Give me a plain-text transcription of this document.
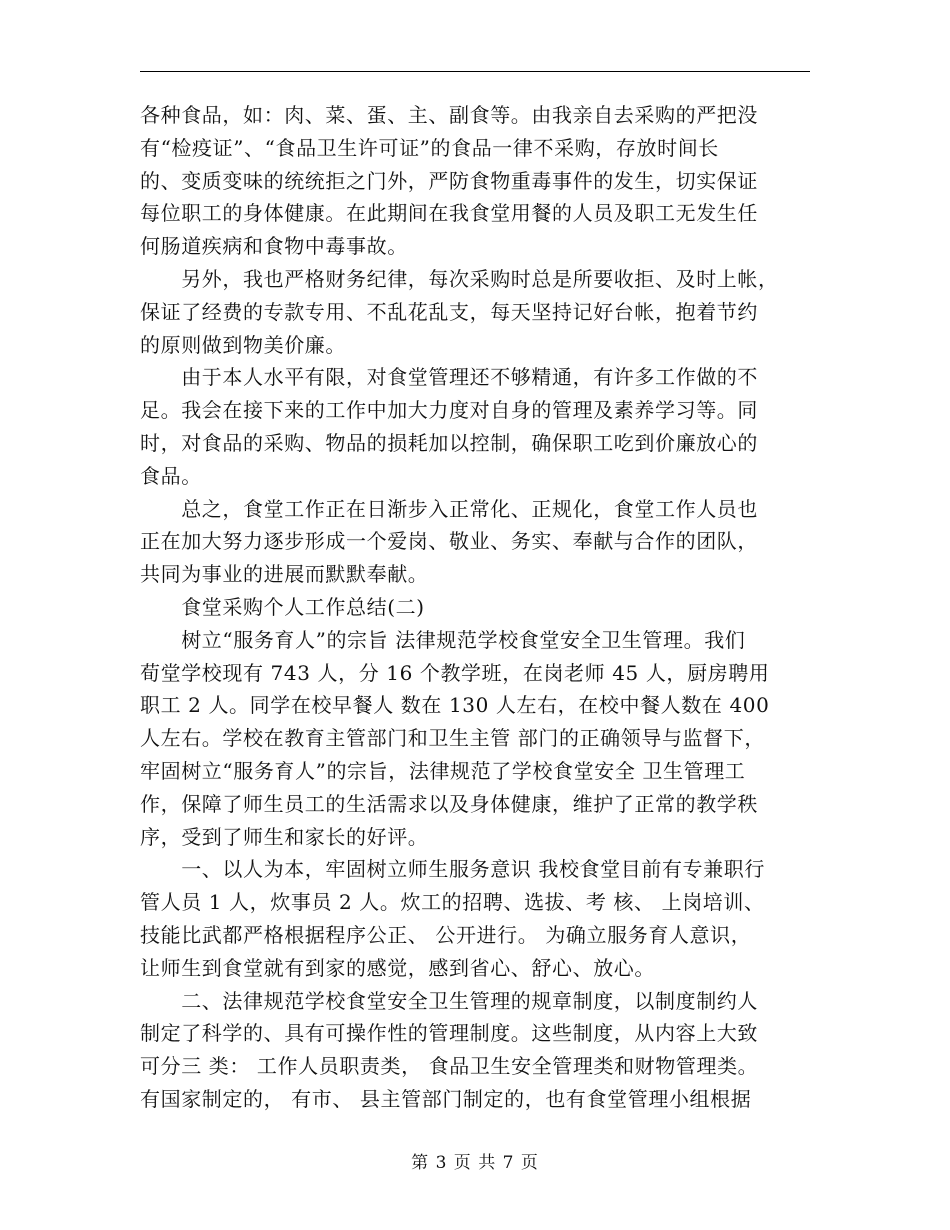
各种食品，如：肉、菜、蛋、主、副食等。由我亲自去采购的严把没
有“检疫证”、“食品卫生许可证”的食品一律不采购，存放时间长
的、变质变味的统统拒之门外，严防食物重毒事件的发生，切实保证
每位职工的身体健康。在此期间在我食堂用餐的人员及职工无发生任
何肠道疾病和食物中毒事故。
　　另外，我也严格财务纪律，每次采购时总是所要收拒、及时上帐，
保证了经费的专款专用、不乱花乱支，每天坚持记好台帐，抱着节约
的原则做到物美价廉。
　　由于本人水平有限，对食堂管理还不够精通，有许多工作做的不
足。我会在接下来的工作中加大力度对自身的管理及素养学习等。同
时，对食品的采购、物品的损耗加以控制，确保职工吃到价廉放心的
食品。
　　总之，食堂工作正在日渐步入正常化、正规化，食堂工作人员也
正在加大努力逐步形成一个爱岗、敬业、务实、奉献与合作的团队，
共同为事业的进展而默默奉献。
　　食堂采购个人工作总结(二)
　　树立“服务育人”的宗旨 法律规范学校食堂安全卫生管理。我们
荀堂学校现有 743 人，分 16 个教学班，在岗老师 45 人，厨房聘用
职工 2 人。同学在校早餐人 数在 130 人左右，在校中餐人数在 400
人左右。学校在教育主管部门和卫生主管 部门的正确领导与监督下，
牢固树立“服务育人”的宗旨，法律规范了学校食堂安全 卫生管理工
作，保障了师生员工的生活需求以及身体健康，维护了正常的教学秩
序，受到了师生和家长的好评。
　　一、以人为本，牢固树立师生服务意识 我校食堂目前有专兼职行
管人员 1 人，炊事员 2 人。炊工的招聘、选拔、考 核、 上岗培训、
技能比武都严格根据程序公正、 公开进行。 为确立服务育人意识，
让师生到食堂就有到家的感觉，感到省心、舒心、放心。
　　二、法律规范学校食堂安全卫生管理的规章制度，以制度制约人
制定了科学的、具有可操作性的管理制度。这些制度，从内容上大致
可分三 类： 工作人员职责类， 食品卫生安全管理类和财物管理类。
有国家制定的， 有市、 县主管部门制定的，也有食堂管理小组根据
第 3 页 共 7 页
